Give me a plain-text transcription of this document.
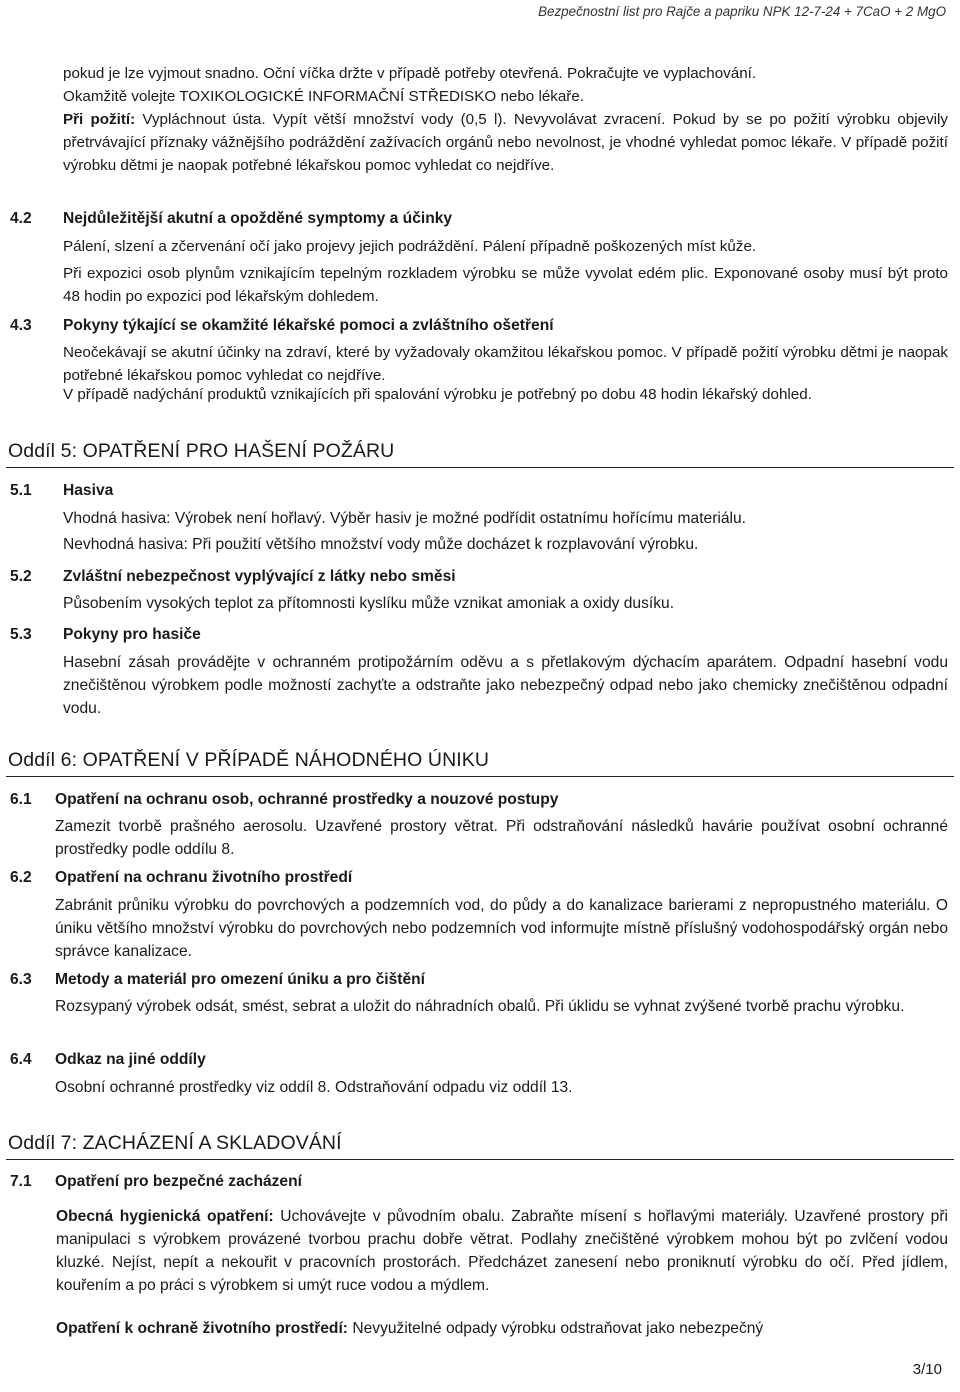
Bezpečnostní list pro Rajče a papriku NPK 12-7-24 + 7CaO + 2 MgO

pokud je lze vyjmout snadno. Oční víčka držte v případě potřeby otevřená. Pokračujte ve vyplachování.
Okamžitě volejte TOXIKOLOGICKÉ INFORMAČNÍ STŘEDISKO nebo lékaře.

Při požití: Vypláchnout ústa. Vypít větší množství vody (0,5 l). Nevyvolávat zvracení. Pokud by se po požití výrobku objevily přetrvávající příznaky vážnějšího podráždění zažívacích orgánů nebo nevolnost, je vhodné vyhledat pomoc lékaře. V případě požití výrobku dětmi je naopak potřebné lékařskou pomoc vyhledat co nejdříve.

4.2 Nejdůležitější akutní a opožděné symptomy a účinky

Pálení, slzení a zčervenání očí jako projevy jejich podráždění. Pálení případně poškozených míst kůže.

Při expozici osob plynům vznikajícím tepelným rozkladem výrobku se může vyvolat edém plic. Exponované osoby musí být proto 48 hodin po expozici pod lékařským dohledem.

4.3 Pokyny týkající se okamžité lékařské pomoci a zvláštního ošetření

Neočekávají se akutní účinky na zdraví, které by vyžadovaly okamžitou lékařskou pomoc. V případě požití výrobku dětmi je naopak potřebné lékařskou pomoc vyhledat co nejdříve.

V případě nadýchání produktů vznikajících při spalování výrobku je potřebný po dobu 48 hodin lékařský dohled.

Oddíl 5: OPATŘENÍ PRO HAŠENÍ POŽÁRU
5.1 Hasiva

Vhodná hasiva: Výrobek není hořlavý. Výběr hasiv je možné podřídit ostatnímu hořícímu materiálu.

Nevhodná hasiva: Při použití většího množství vody může docházet k rozplavování výrobku.

5.2 Zvláštní nebezpečnost vyplývající z látky nebo směsi

Působením vysokých teplot za přítomnosti kyslíku může vznikat amoniak a oxidy dusíku.

5.3 Pokyny pro hasiče

Hasební zásah provádějte v ochranném protipožárním oděvu a s přetlakovým dýchacím aparátem. Odpadní hasební vodu znečištěnou výrobkem podle možností zachyťte a odstraňte jako nebezpečný odpad nebo jako chemicky znečištěnou odpadní vodu.

Oddíl 6: OPATŘENÍ V PŘÍPADĚ NÁHODNÉHO ÚNIKU
6.1 Opatření na ochranu osob, ochranné prostředky a nouzové postupy

Zamezit tvorbě prašného aerosolu. Uzavřené prostory větrat. Při odstraňování následků havárie používat osobní ochranné prostředky podle oddílu 8.

6.2 Opatření na ochranu životního prostředí

Zabránit průniku výrobku do povrchových a podzemních vod, do půdy a do kanalizace barierami z nepropustného materiálu. O úniku většího množství výrobku do povrchových nebo podzemních vod informujte místně příslušný vodohospodářský orgán nebo správce kanalizace.

6.3 Metody a materiál pro omezení úniku a pro čištění

Rozsypaný výrobek odsát, smést, sebrat a uložit do náhradních obalů. Při úklidu se vyhnat zvýšené tvorbě prachu výrobku.

6.4 Odkaz na jiné oddíly

Osobní ochranné prostředky viz oddíl 8. Odstraňování odpadu viz oddíl 13.

Oddíl 7: ZACHÁZENÍ A SKLADOVÁNÍ
7.1 Opatření pro bezpečné zacházení

Obecná hygienická opatření: Uchovávejte v původním obalu. Zabraňte mísení s hořlavými materiály. Uzavřené prostory při manipulaci s výrobkem provázené tvorbou prachu dobře větrat. Podlahy znečištěné výrobkem mohou být po zvlčení vodou kluzké. Nejíst, nepít a nekouřit v pracovních prostorách. Předcházet zanesení nebo proniknutí výrobku do očí. Před jídlem, kouřením a po práci s výrobkem si umýt ruce vodou a mýdlem.

Opatření k ochraně životního prostředí: Nevyužitelné odpady výrobku odstraňovat jako nebezpečný

3/10
